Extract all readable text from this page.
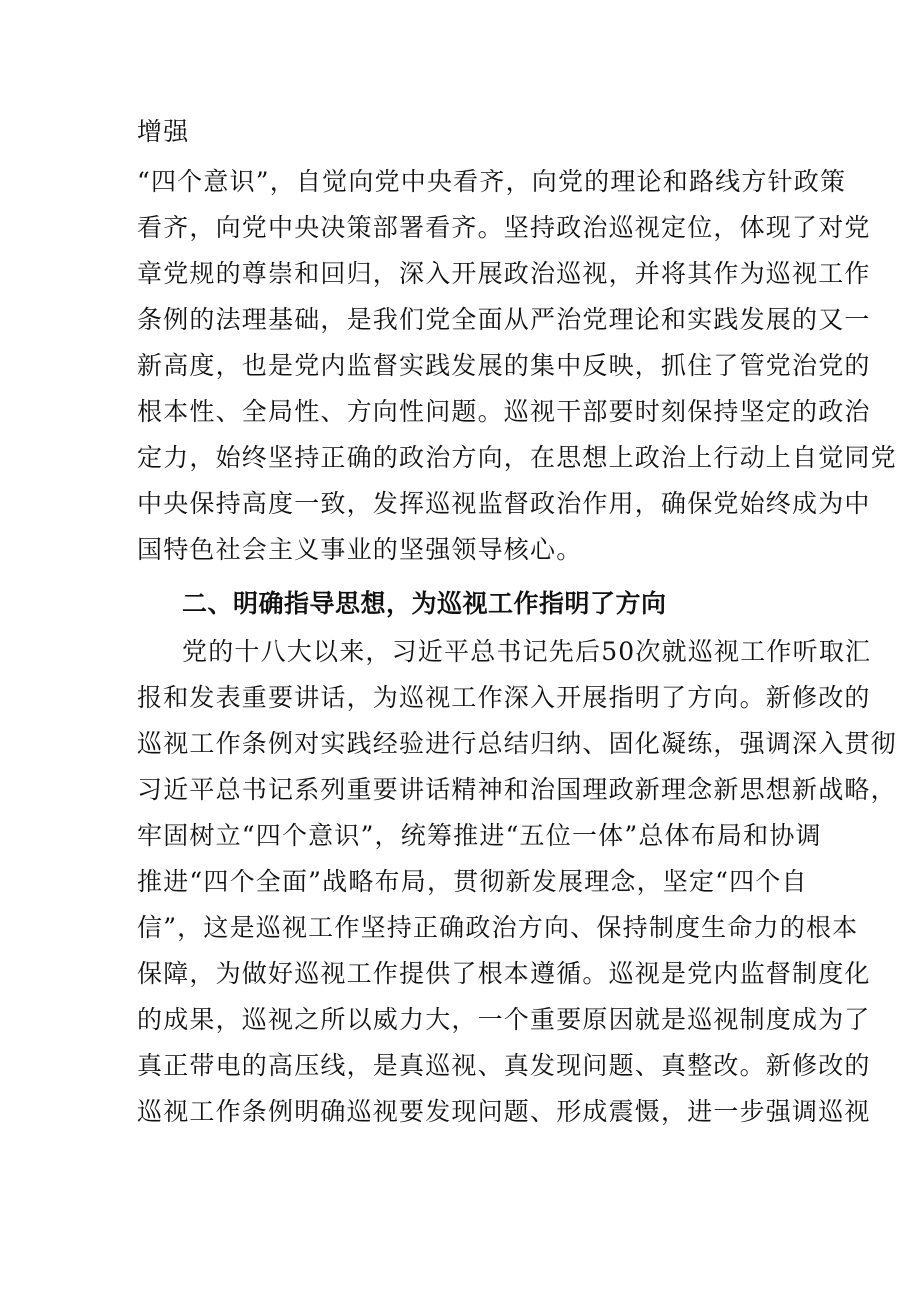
增强
“四个意识”，自觉向党中央看齐，向党的理论和路线方针政策
看齐，向党中央决策部署看齐。坚持政治巡视定位，体现了对党
章党规的尊崇和回归，深入开展政治巡视，并将其作为巡视工作
条例的法理基础，是我们党全面从严治党理论和实践发展的又一
新高度，也是党内监督实践发展的集中反映，抓住了管党治党的
根本性、全局性、方向性问题。巡视干部要时刻保持坚定的政治
定力，始终坚持正确的政治方向，在思想上政治上行动上自觉同党
中央保持高度一致，发挥巡视监督政治作用，确保党始终成为中
国特色社会主义事业的坚强领导核心。
二、明确指导思想，为巡视工作指明了方向
党的十八大以来，习近平总书记先后50次就巡视工作听取汇
报和发表重要讲话，为巡视工作深入开展指明了方向。新修改的
巡视工作条例对实践经验进行总结归纳、固化凝练，强调深入贯彻
习近平总书记系列重要讲话精神和治国理政新理念新思想新战略，
牢固树立“四个意识”，统筹推进“五位一体”总体布局和协调
推进“四个全面”战略布局，贯彻新发展理念，坚定“四个自
信”，这是巡视工作坚持正确政治方向、保持制度生命力的根本
保障，为做好巡视工作提供了根本遵循。巡视是党内监督制度化
的成果，巡视之所以威力大，一个重要原因就是巡视制度成为了
真正带电的高压线，是真巡视、真发现问题、真整改。新修改的
巡视工作条例明确巡视要发现问题、形成震慑，进一步强调巡视
